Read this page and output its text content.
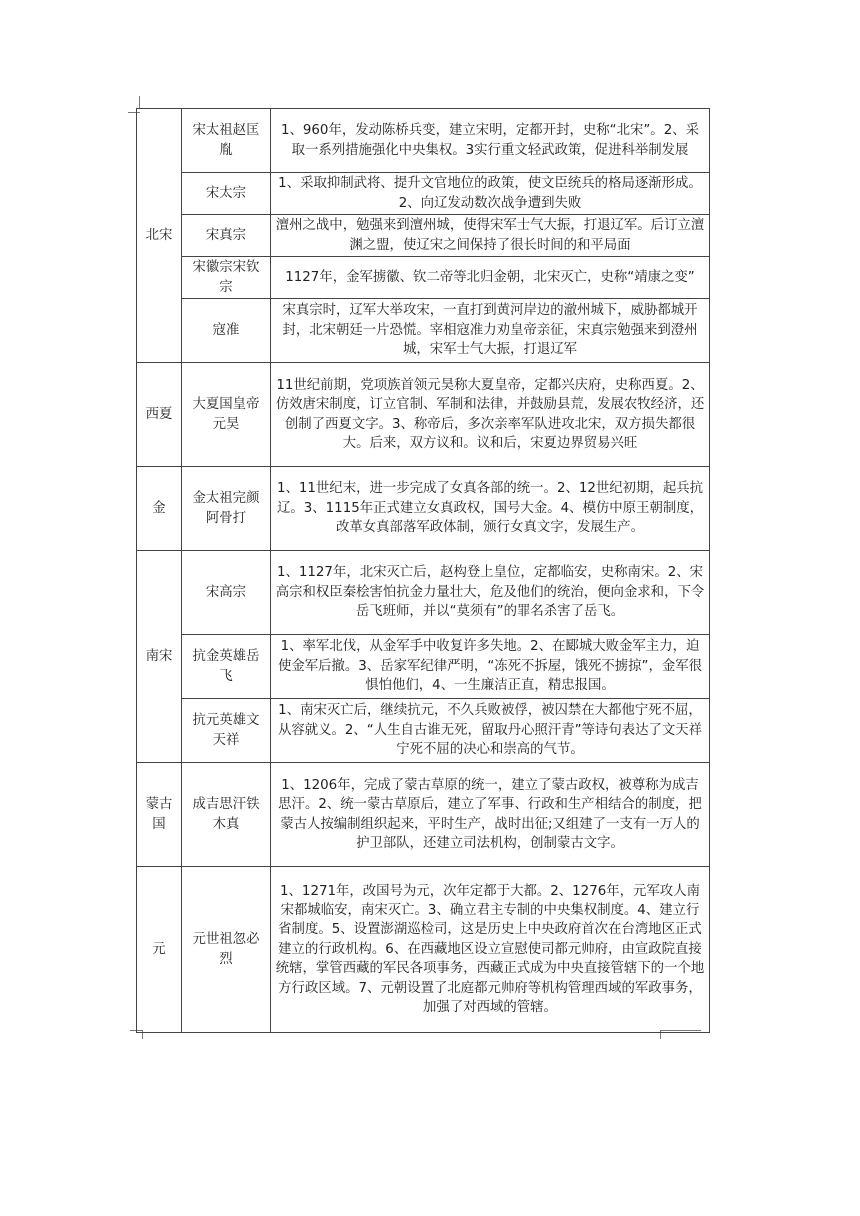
北宋	宋太祖赵匡胤	1、960年，发动陈桥兵变，建立宋明，定都开封，史称“北宋”。2、采取一系列措施强化中央集权。3实行重文轻武政策，促进科举制发展
	宋太宗	1、采取抑制武将、提升文官地位的政策，使文臣统兵的格局逐渐形成。2、向辽发动数次战争遭到失败
	宋真宗	澶州之战中，勉强来到澶州城，使得宋军士气大振，打退辽军。后订立澶渊之盟，使辽宋之间保持了很长时间的和平局面
	宋徽宗宋钦宗	1127年，金军掳徽、钦二帝等北归金朝，北宋灭亡，史称“靖康之变”
	寇准	宋真宗时，辽军大举攻宋，一直打到黄河岸边的澈州城下，威胁都城开封，北宋朝廷一片恐慌。宰相寇准力劝皇帝亲征，宋真宗勉强来到澄州城，宋军士气大振，打退辽军
西夏	大夏国皇帝元昊	11世纪前期，党项族首领元昊称大夏皇帝，定都兴庆府，史称西夏。2、仿效唐宋制度，订立官制、军制和法律，并鼓励县荒，发展农牧经济，还创制了西夏文字。3、称帝后，多次亲率军队进攻北宋，双方损失都很大。后来，双方议和。议和后，宋夏边界贸易兴旺
金	金太祖完颜阿骨打	1、11世纪末，进一步完成了女真各部的统一。2、12世纪初期，起兵抗辽。3、1115年正式建立女真政权，国号大金。4、模仿中原王朝制度，改革女真部落军政体制，颁行女真文字，发展生产。
南宋	宋高宗	1、1127年，北宋灭亡后，赵构登上皇位，定都临安，史称南宋。2、宋高宗和权臣秦桧害怕抗金力量壮大，危及他们的统治，便向金求和，下令岳飞班师，并以“莫须有”的罪名杀害了岳飞。
	抗金英雄岳飞	1、率军北伐，从金军手中收复许多失地。2、在郾城大败金军主力，迫使金军后撤。3、岳家军纪律严明，“冻死不拆屋，饿死不掳掠”，金军很惧怕他们，4、一生廉洁正直，精忠报国。
	抗元英雄文天祥	1、南宋灭亡后，继续抗元，不久兵败被俘，被囚禁在大都他宁死不屈，从容就义。2、“人生自古谁无死，留取丹心照汗青”等诗句表达了文天祥宁死不屈的决心和崇高的气节。
蒙古国	成吉思汗铁木真	1、1206年，完成了蒙古草原的统一，建立了蒙古政权，被尊称为成吉思汗。2、统一蒙古草原后，建立了军事、行政和生产相结合的制度，把蒙古人按编制组织起来，平时生产，战时出征;又组建了一支有一万人的护卫部队，还建立司法机构，创制蒙古文字。
元	元世祖忽必烈	1、1271年，改国号为元，次年定都于大都。2、1276年，元军攻人南宋都城临安，南宋灭亡。3、确立君主专制的中央集权制度。4、建立行省制度。5、设置澎湖巡检司，这是历史上中央政府首次在台湾地区正式建立的行政机构。6、在西藏地区设立宣慰使司都元帅府，由宣政院直接统辖，掌管西藏的军民各项事务，西藏正式成为中央直接管辖下的一个地方行政区域。7、元朝设置了北庭都元帅府等机构管理西域的军政事务，加强了对西域的管辖。
